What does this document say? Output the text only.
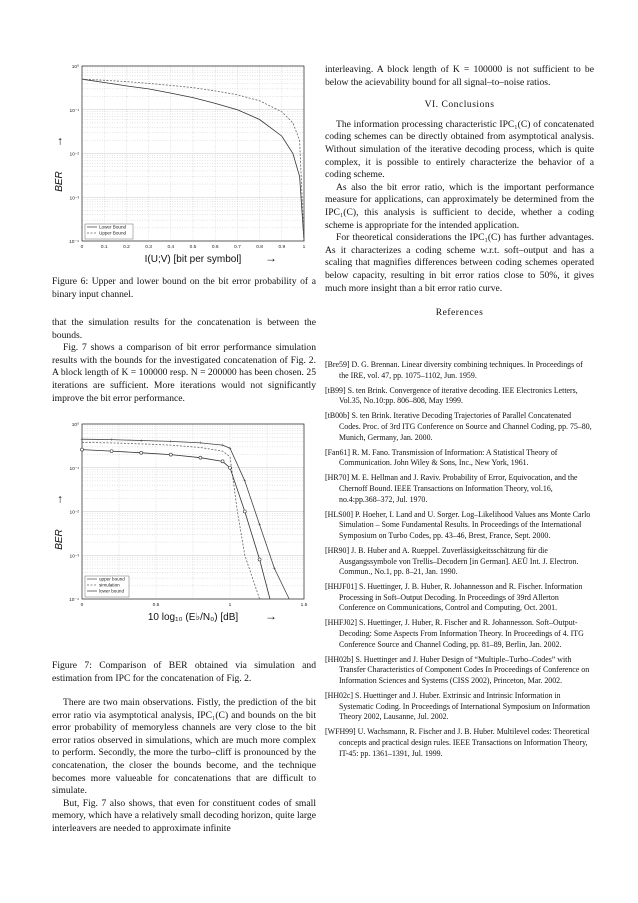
10⁰
10⁻¹
10⁻²
10⁻³
10⁻⁴
0	0.1	0.2	0.3	0.4	0.5	0.6	0.7	0.8	0.9	1
Lower Bound
Upper Bound
BER
→
I(U;V) [bit per symbol] →
Figure 6: Upper and lower bound on the bit error probability of a binary input channel.

that the simulation results for the concatenation is between the bounds.

Fig. 7 shows a comparison of bit error performance simulation results with the bounds for the investigated concatenation of Fig. 2. A block length of K = 100000 resp. N = 200000 has been chosen. 25 iterations are sufficient. More iterations would not significantly improve the bit error performance.

10⁰
10⁻¹
10⁻²
10⁻³
10⁻⁴
0	0.5	1	1.5
+	+	+	+	+	+
+
+
+
+
upper bound
simulation
lower bound
BER
→
10 log₁₀ (E♭/N₀) [dB] →
Figure 7: Comparison of BER obtained via simulation and estimation from IPC for the concatenation of Fig. 2.

There are two main observations. Fistly, the prediction of the bit error ratio via asymptotical analysis, IPC₁(C) and bounds on the bit error probability of memoryless channels are very close to the bit error ratios observed in simulations, which are much more complex to perform. Secondly, the more the turbo–cliff is pronounced by the concatenation, the closer the bounds become, and the technique becomes more valueable for concatenations that are difficult to simulate.

But, Fig. 7 also shows, that even for constituent codes of small memory, which have a relatively small decoding horizon, quite large interleavers are needed to approximate infinite

interleaving. A block length of K = 100000 is not sufficient to be below the acievability bound for all signal–to–noise ratios.

VI. Conclusions

The information processing characteristic IPC₁(C) of concatenated coding schemes can be directly obtained from asymptotical analysis. Without simulation of the iterative decoding process, which is quite complex, it is possible to entirely characterize the behavior of a coding scheme.

As also the bit error ratio, which is the important performance measure for applications, can approximately be determined from the IPC₁(C), this analysis is sufficient to decide, whether a coding scheme is appropriate for the intended application.

For theoretical considerations the IPC₁(C) has further advantages. As it characterizes a coding scheme w.r.t. soft–output and has a scaling that magnifies differences between coding schemes operated below capacity, resulting in bit error ratios close to 50%, it gives much more insight than a bit error ratio curve.

References

[Bre59] D. G. Brennan. Linear diversity combining techniques. In Proceedings of the IRE, vol. 47, pp. 1075–1102, Jun. 1959.

[tB99] S. ten Brink. Convergence of iterative decoding. IEE Electronics Letters, Vol.35, No.10:pp. 806–808, May 1999.

[tB00b] S. ten Brink. Iterative Decoding Trajectories of Parallel Concatenated Codes. Proc. of 3rd ITG Conference on Source and Channel Coding, pp. 75–80, Munich, Germany, Jan. 2000.

[Fan61] R. M. Fano. Transmission of Information: A Statistical Theory of Communication. John Wiley & Sons, Inc., New York, 1961.

[HR70] M. E. Hellman and J. Raviv. Probability of Error, Equivocation, and the Chernoff Bound. IEEE Transactions on Information Theory, vol.16, no.4:pp.368–372, Jul. 1970.

[HLS00] P. Hoeher, I. Land and U. Sorger. Log–Likelihood Values ans Monte Carlo Simulation – Some Fundamental Results. In Proceedings of the International Symposium on Turbo Codes, pp. 43–46, Brest, France, Sept. 2000.

[HR90] J. B. Huber and A. Rueppel. Zuverlässigkeitsschätzung für die Ausgangssymbole von Trellis–Decodern [in German]. AEÜ Int. J. Electron. Commun., No.1, pp. 8–21, Jan. 1990.

[HHJF01] S. Huettinger, J. B. Huber, R. Johannesson and R. Fischer. Information Processing in Soft–Output Decoding. In Proceedings of 39rd Allerton Conference on Communications, Control and Computing, Oct. 2001.

[HHFJ02] S. Huettinger, J. Huber, R. Fischer and R. Johannesson. Soft–Output-Decoding: Some Aspects From Information Theory. In Proceedings of 4. ITG Conference Source and Channel Coding, pp. 81–89, Berlin, Jan. 2002.

[HH02b] S. Huettinger and J. Huber Design of “Multiple–Turbo–Codes” with Transfer Characteristics of Component Codes In Proceedings of Conference on Information Sciences and Systems (CISS 2002), Princeton, Mar. 2002.

[HH02c] S. Huettinger and J. Huber. Extrinsic and Intrinsic Information in Systematic Coding. In Proceedings of International Symposium on Information Theory 2002, Lausanne, Jul. 2002.

[WFH99] U. Wachsmann, R. Fischer and J. B. Huber. Multilevel codes: Theoretical concepts and practical design rules. IEEE Transactions on Information Theory, IT-45: pp. 1361–1391, Jul. 1999.
